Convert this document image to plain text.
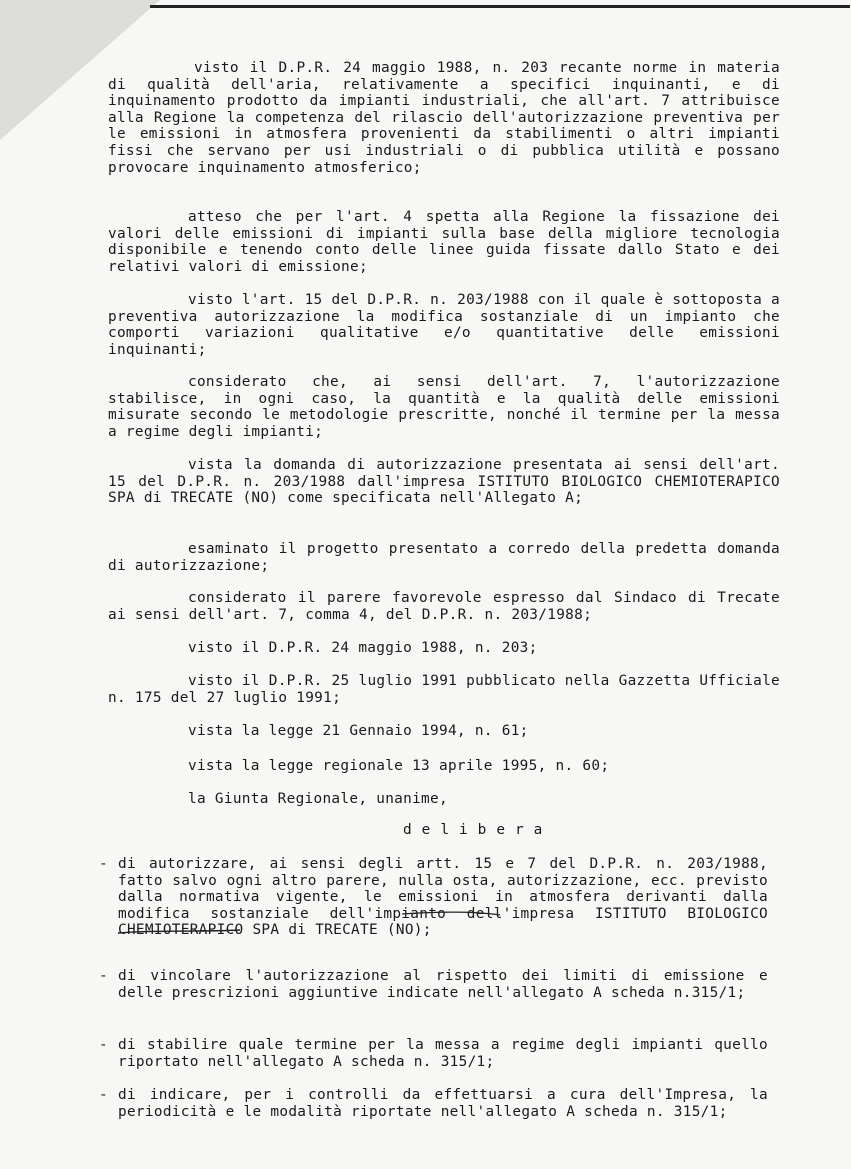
visto il D.P.R. 24 maggio 1988, n. 203 recante norme in materia di qualità dell'aria, relativamente a specifici inquinanti, e di inquinamento prodotto da impianti industriali, che all'art. 7 attribuisce alla Regione la competenza del rilascio dell'autorizzazione preventiva per le emissioni in atmosfera provenienti da stabilimenti o altri impianti fissi che servano per usi industriali o di pubblica utilità e possano provocare inquinamento atmosferico;

atteso che per l'art. 4 spetta alla Regione la fissazione dei valori delle emissioni di impianti sulla base della migliore tecnologia disponibile e tenendo conto delle linee guida fissate dallo Stato e dei relativi valori di emissione;

visto l'art. 15 del D.P.R. n. 203/1988 con il quale è sottoposta a preventiva autorizzazione la modifica sostanziale di un impianto che comporti variazioni qualitative e/o quantitative delle emissioni inquinanti;

considerato che, ai sensi dell'art. 7, l'autorizzazione stabilisce, in ogni caso, la quantità e la qualità delle emissioni misurate secondo le metodologie prescritte, nonché il termine per la messa a regime degli impianti;

vista la domanda di autorizzazione presentata ai sensi dell'art. 15 del D.P.R. n. 203/1988 dall'impresa ISTITUTO BIOLOGICO CHEMIOTERAPICO SPA di TRECATE (NO) come specificata nell'Allegato A;

esaminato il progetto presentato a corredo della predetta domanda di autorizzazione;

considerato il parere favorevole espresso dal Sindaco di Trecate ai sensi dell'art. 7, comma 4, del D.P.R. n. 203/1988;

visto il D.P.R. 24 maggio 1988, n. 203;

visto il D.P.R. 25 luglio 1991 pubblicato nella Gazzetta Ufficiale n. 175 del 27 luglio 1991;

vista la legge 21 Gennaio 1994, n. 61;

vista la legge regionale 13 aprile 1995, n. 60;

la Giunta Regionale, unanime,

delibera

- di autorizzare, ai sensi degli artt. 15 e 7 del D.P.R. n. 203/1988, fatto salvo ogni altro parere, nulla osta, autorizzazione, ecc. previsto dalla normativa vigente, le emissioni in atmosfera derivanti dalla modifica sostanziale dell'impianto dell'impresa ISTITUTO BIOLOGICO CHEMIOTERAPICO SPA di TRECATE (NO);
- di vincolare l'autorizzazione al rispetto dei limiti di emissione e delle prescrizioni aggiuntive indicate nell'allegato A scheda n.315/1;
- di stabilire quale termine per la messa a regime degli impianti quello riportato nell'allegato A scheda n. 315/1;
- di indicare, per i controlli da effettuarsi a cura dell'Impresa, la periodicità e le modalità riportate nell'allegato A scheda n. 315/1;
